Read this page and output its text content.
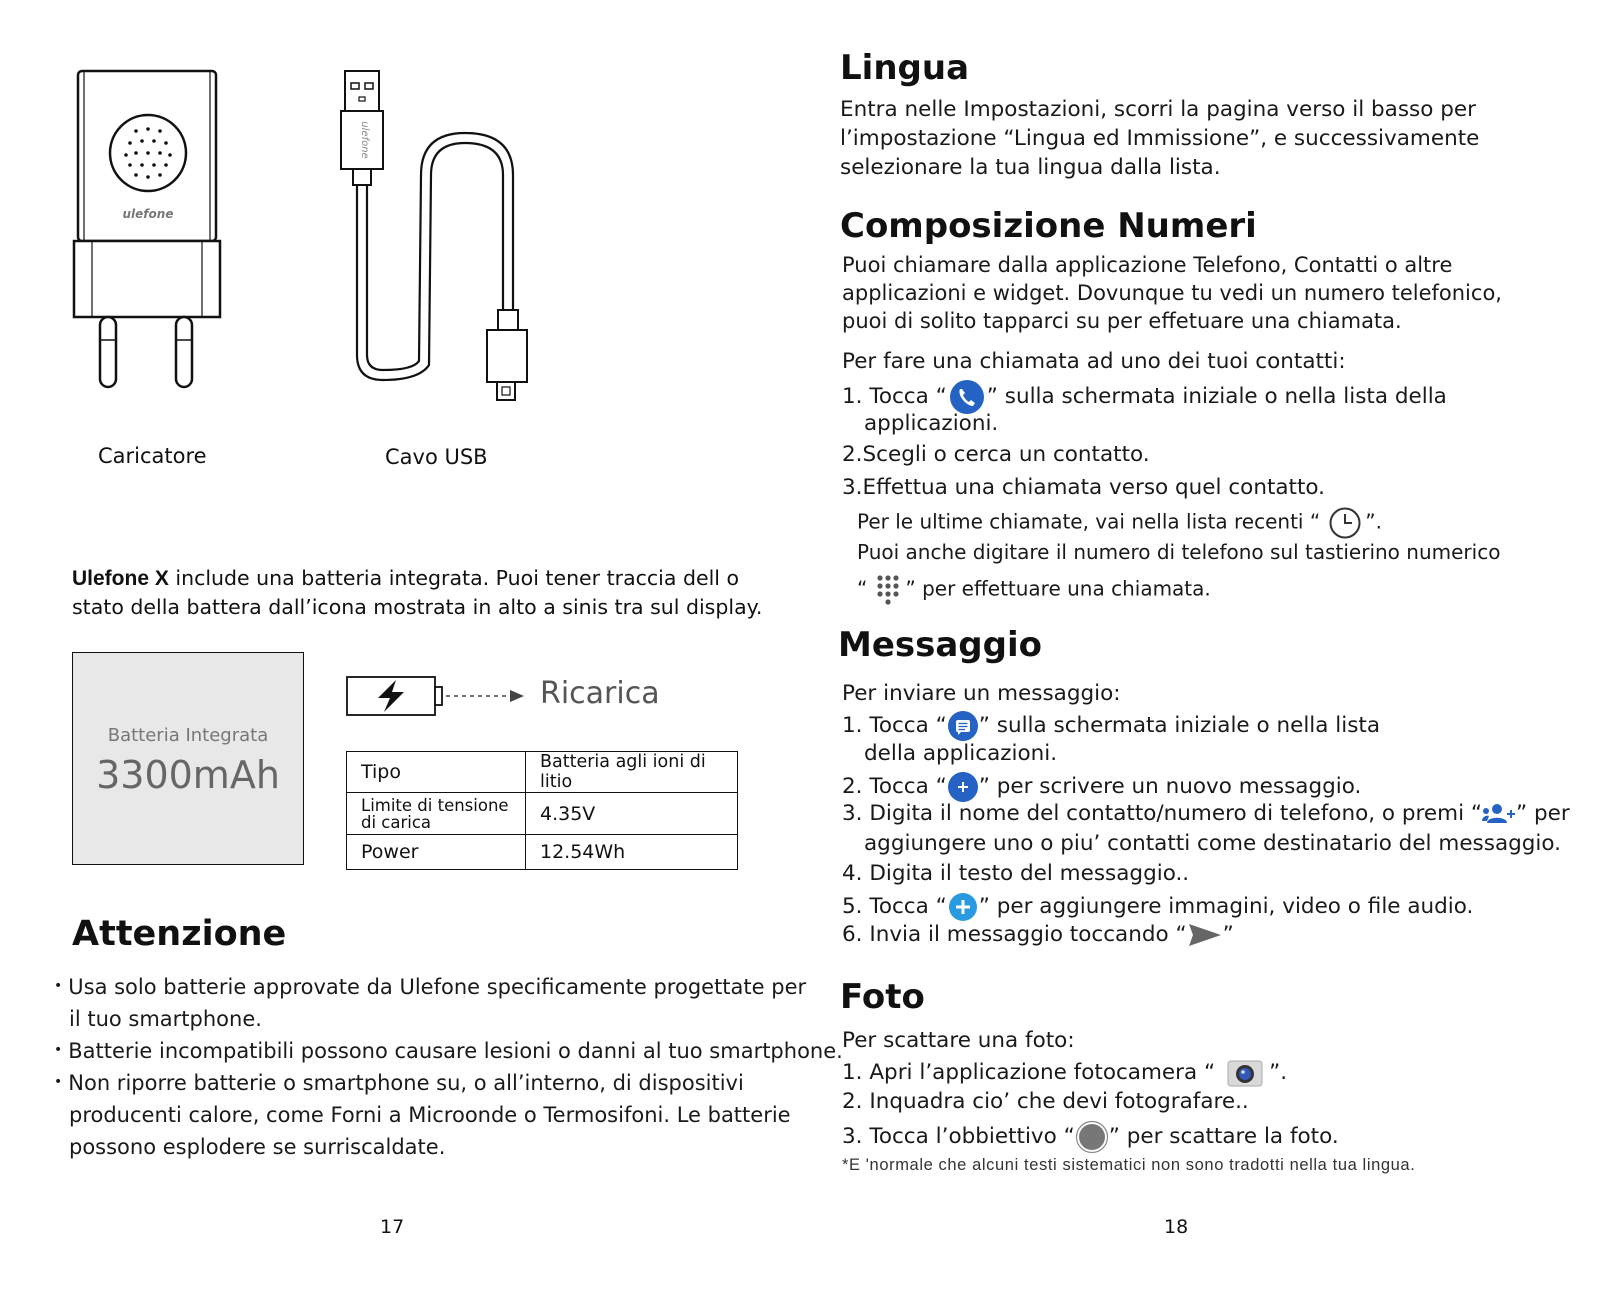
ulefone
ulefone
Caricatore	Cavo USB
Ulefone X include una batteria integrata. Puoi tener traccia dell o
stato della battera dall’icona mostrata in alto a sinis tra sul display.
Batteria Integrata
3300mAh
Ricarica
Tipo	Batteria agli ioni di litio
Limite di tensione di carica	4.35V
Power	12.54Wh
Attenzione
• Usa solo batterie approvate da Ulefone specificamente progettate per
il tuo smartphone.
• Batterie incompatibili possono causare lesioni o danni al tuo smartphone.
• Non riporre batterie o smartphone su, o all’interno, di dispositivi
producenti calore, come Forni a Microonde o Termosifoni. Le batterie
possono esplodere se surriscaldate.
17
Lingua
Entra nelle Impostazioni, scorri la pagina verso il basso per
l’impostazione “Lingua ed Immissione”, e successivamente
selezionare la tua lingua dalla lista.
Composizione Numeri
Puoi chiamare dalla applicazione Telefono, Contatti o altre
applicazioni e widget. Dovunque tu vedi un numero telefonico,
puoi di solito tapparci su per effetuare una chiamata.
Per fare una chiamata ad uno dei tuoi contatti:
1. Tocca “ ” sulla schermata iniziale o nella lista della
applicazioni.
2.Scegli o cerca un contatto.
3.Effettua una chiamata verso quel contatto.
Per le ultime chiamate, vai nella lista recenti “ ”.
Puoi anche digitare il numero di telefono sul tastierino numerico
“ ” per effettuare una chiamata.
Messaggio
Per inviare un messaggio:
1. Tocca “ ” sulla schermata iniziale o nella lista
della applicazioni.
2. Tocca “ ” per scrivere un nuovo messaggio.
3. Digita il nome del contatto/numero di telefono, o premi “ ” per
aggiungere uno o piu’ contatti come destinatario del messaggio.
4. Digita il testo del messaggio..
5. Tocca “ ” per aggiungere immagini, video o file audio.
6. Invia il messaggio toccando “ ”
Foto
Per scattare una foto:
1. Apri l’applicazione fotocamera “	”.
2. Inquadra cio’ che devi fotografare..
3. Tocca l’obbiettivo “ ” per scattare la foto.
*E 'normale che alcuni testi sistematici non sono tradotti nella tua lingua.
18
